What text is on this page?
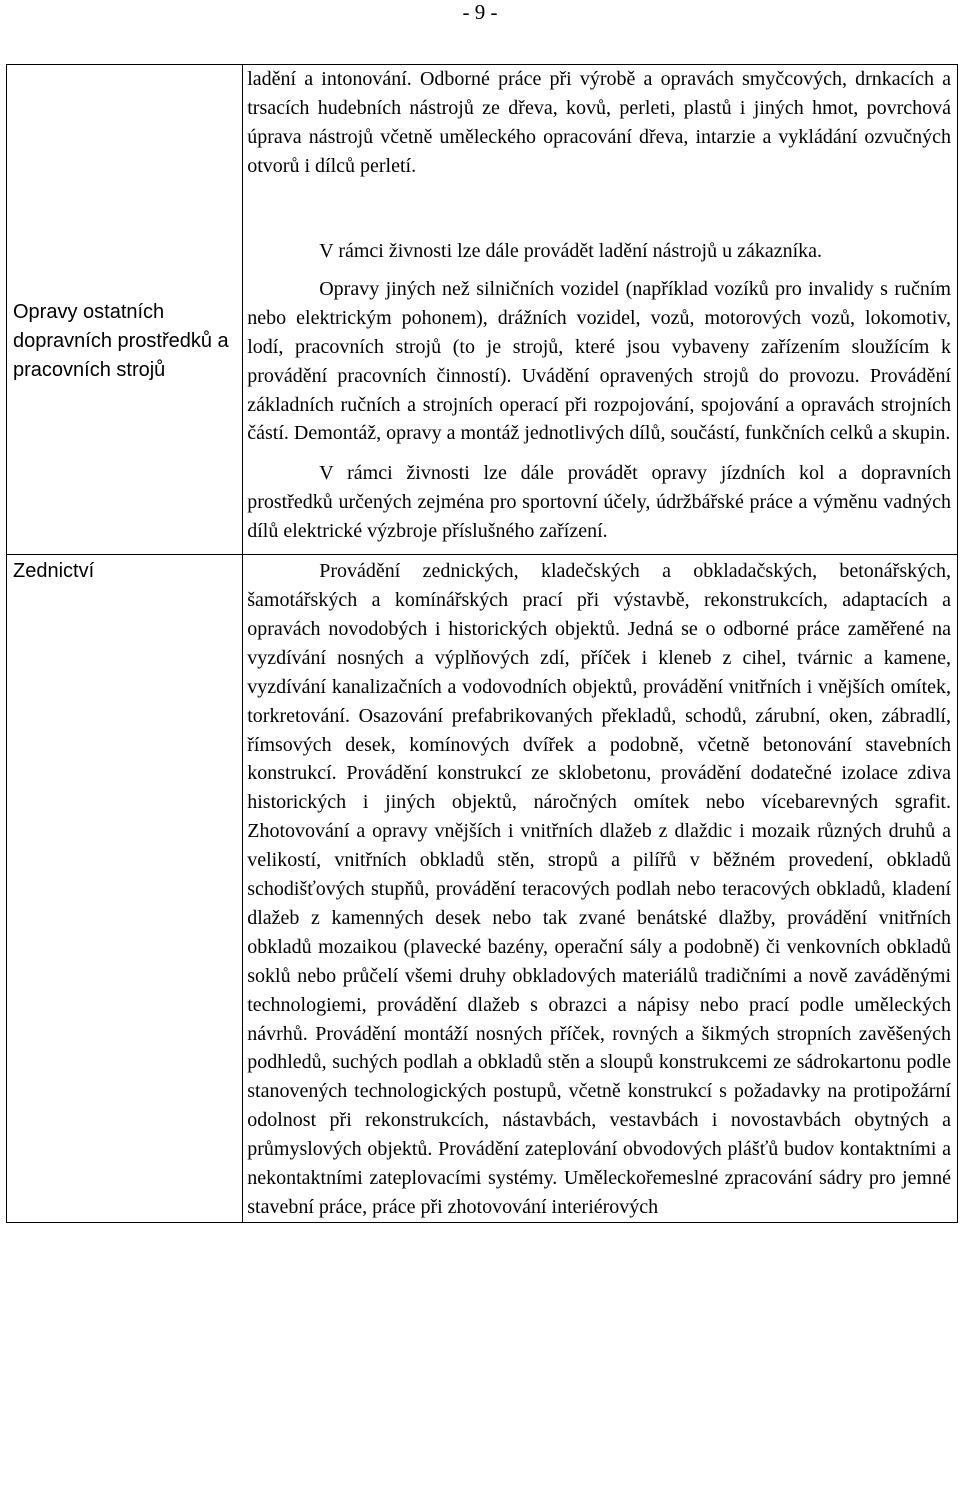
- 9 -
Opravy ostatních dopravních prostředků a pracovních strojů	ladění a intonování. Odborné práce při výrobě a opravách smyčcových, drnkacích a trsacích hudebních nástrojů ze dřeva, kovů, perleti, plastů i jiných hmot, povrchová úprava nástrojů včetně uměleckého opracování dřeva, intarzie a vykládání ozvučných otvorů i dílců perletí.

V rámci živnosti lze dále provádět ladění nástrojů u zákazníka.

Opravy jiných než silničních vozidel (například vozíků pro invalidy s ručním nebo elektrickým pohonem), drážních vozidel, vozů, motorových vozů, lokomotiv, lodí, pracovních strojů (to je strojů, které jsou vybaveny zařízením sloužícím k provádění pracovních činností). Uvádění opravených strojů do provozu. Provádění základních ručních a strojních operací při rozpojování, spojování a opravách strojních částí. Demontáž, opravy a montáž jednotlivých dílů, součástí, funkčních celků a skupin.

V rámci živnosti lze dále provádět opravy jízdních kol a dopravních prostředků určených zejména pro sportovní účely, údržbářské práce a výměnu vadných dílů elektrické výzbroje příslušného zařízení.

Zednictví	Provádění zednických, kladečských a obkladačských, betonářských, šamotářských a komínářských prací při výstavbě, rekonstrukcích, adaptacích a opravách novodobých i historických objektů. Jedná se o odborné práce zaměřené na vyzdívání nosných a výplňových zdí, příček i kleneb z cihel, tvárnic a kamene, vyzdívání kanalizačních a vodovodních objektů, provádění vnitřních i vnějších omítek, torkretování. Osazování prefabrikovaných překladů, schodů, zárubní, oken, zábradlí, římsových desek, komínových dvířek a podobně, včetně betonování stavebních konstrukcí. Provádění konstrukcí ze sklobetonu, provádění dodatečné izolace zdiva historických i jiných objektů, náročných omítek nebo vícebarevných sgrafit. Zhotovování a opravy vnějších i vnitřních dlažeb z dlaždic i mozaik různých druhů a velikostí, vnitřních obkladů stěn, stropů a pilířů v běžném provedení, obkladů schodišťových stupňů, provádění teracových podlah nebo teracových obkladů, kladení dlažeb z kamenných desek nebo tak zvané benátské dlažby, provádění vnitřních obkladů mozaikou (plavecké bazény, operační sály a podobně) či venkovních obkladů soklů nebo průčelí všemi druhy obkladových materiálů tradičními a nově zaváděnými technologiemi, provádění dlažeb s obrazci a nápisy nebo prací podle uměleckých návrhů. Provádění montáží nosných příček, rovných a šikmých stropních zavěšených podhledů, suchých podlah a obkladů stěn a sloupů konstrukcemi ze sádrokartonu podle stanovených technologických postupů, včetně konstrukcí s požadavky na protipožární odolnost při rekonstrukcích, nástavbách, vestavbách i novostavbách obytných a průmyslových objektů. Provádění zateplování obvodových plášťů budov kontaktními a nekontaktními zateplovacími systémy. Uměleckořemeslné zpracování sádry pro jemné stavební práce, práce při zhotovování interiérových
